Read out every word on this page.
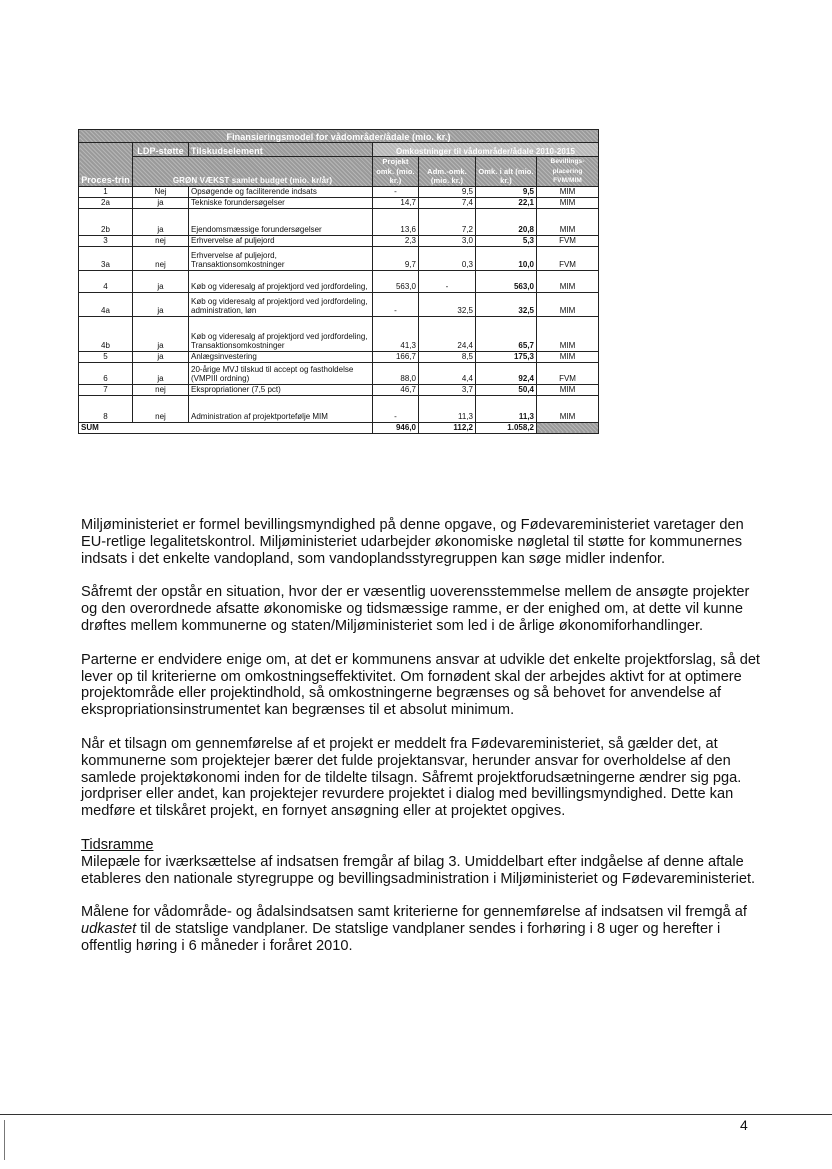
Finansieringsmodel for vådområder/ådale (mio. kr.)						
Proces-trin	LDP-støtte	Tilskudselement	Omkostninger til vådområder/ådale 2010-2015			
	GRØN VÆKST samlet budget (mio. kr/år)		Projekt omk. (mio. kr.)	Adm.-omk. (mio. kr.)	Omk. i alt (mio. kr.)	Bevillings-placering FVM/MIM
1	Nej	Opsøgende og faciliterende indsats	-	9,5	9,5	MIM
2a	ja	Tekniske forundersøgelser	14,7	7,4	22,1	MIM
2b	ja	Ejendomsmæssige forundersøgelser	13,6	7,2	20,8	MIM
3	nej	Erhvervelse af puljejord	2,3	3,0	5,3	FVM
3a	nej	Erhvervelse af puljejord, Transaktionsomkostninger	9,7	0,3	10,0	FVM
4	ja	Køb og videresalg af projektjord ved jordfordeling,	563,0	-	563,0	MIM
4a	ja	Køb og videresalg af projektjord ved jordfordeling, administration, løn	-	32,5	32,5	MIM
4b	ja	Køb og videresalg af projektjord ved jordfordeling, Transaktionsomkostninger	41,3	24,4	65,7	MIM
5	ja	Anlægsinvestering	166,7	8,5	175,3	MIM
6	ja	20-årige MVJ tilskud til accept og fastholdelse (VMPIII ordning)	88,0	4,4	92,4	FVM
7	nej	Ekspropriationer (7,5 pct)	46,7	3,7	50,4	MIM
8	nej	Administration af projektportefølje MIM	-	11,3	11,3	MIM
SUM			946,0	112,2	1.058,2	

Miljøministeriet er formel bevillingsmyndighed på denne opgave, og Fødevareministeriet varetager den EU-retlige legalitetskontrol. Miljøministeriet udarbejder økonomiske nøgletal til støtte for kommunernes indsats i det enkelte vandopland, som vandoplandsstyregruppen kan søge midler indenfor.

Såfremt der opstår en situation, hvor der er væsentlig uoverensstemmelse mellem de ansøgte projekter og den overordnede afsatte økonomiske og tidsmæssige ramme, er der enighed om, at dette vil kunne drøftes mellem kommunerne og staten/Miljøministeriet som led i de årlige økonomiforhandlinger.

Parterne er endvidere enige om, at det er kommunens ansvar at udvikle det enkelte projektforslag, så det lever op til kriterierne om omkostningseffektivitet. Om fornødent skal der arbejdes aktivt for at optimere projektområde eller projektindhold, så omkostningerne begrænses og så behovet for anvendelse af ekspropriationsinstrumentet kan begrænses til et absolut minimum.

Når et tilsagn om gennemførelse af et projekt er meddelt fra Fødevareministeriet, så gælder det, at kommunerne som projektejer bærer det fulde projektansvar, herunder ansvar for overholdelse af den samlede projektøkonomi inden for de tildelte tilsagn. Såfremt projektforudsætningerne ændrer sig pga. jordpriser eller andet, kan projektejer revurdere projektet i dialog med bevillingsmyndighed. Dette kan medføre et tilskåret projekt, en fornyet ansøgning eller at projektet opgives.

Tidsramme
Milepæle for iværksættelse af indsatsen fremgår af bilag 3. Umiddelbart efter indgåelse af denne aftale etableres den nationale styregruppe og bevillingsadministration i Miljøministeriet og Fødevareministeriet.

Målene for vådområde- og ådalsindsatsen samt kriterierne for gennemførelse af indsatsen vil fremgå af udkastet til de statslige vandplaner. De statslige vandplaner sendes i forhøring i 8 uger og herefter i offentlig høring i 6 måneder i foråret 2010.

4
